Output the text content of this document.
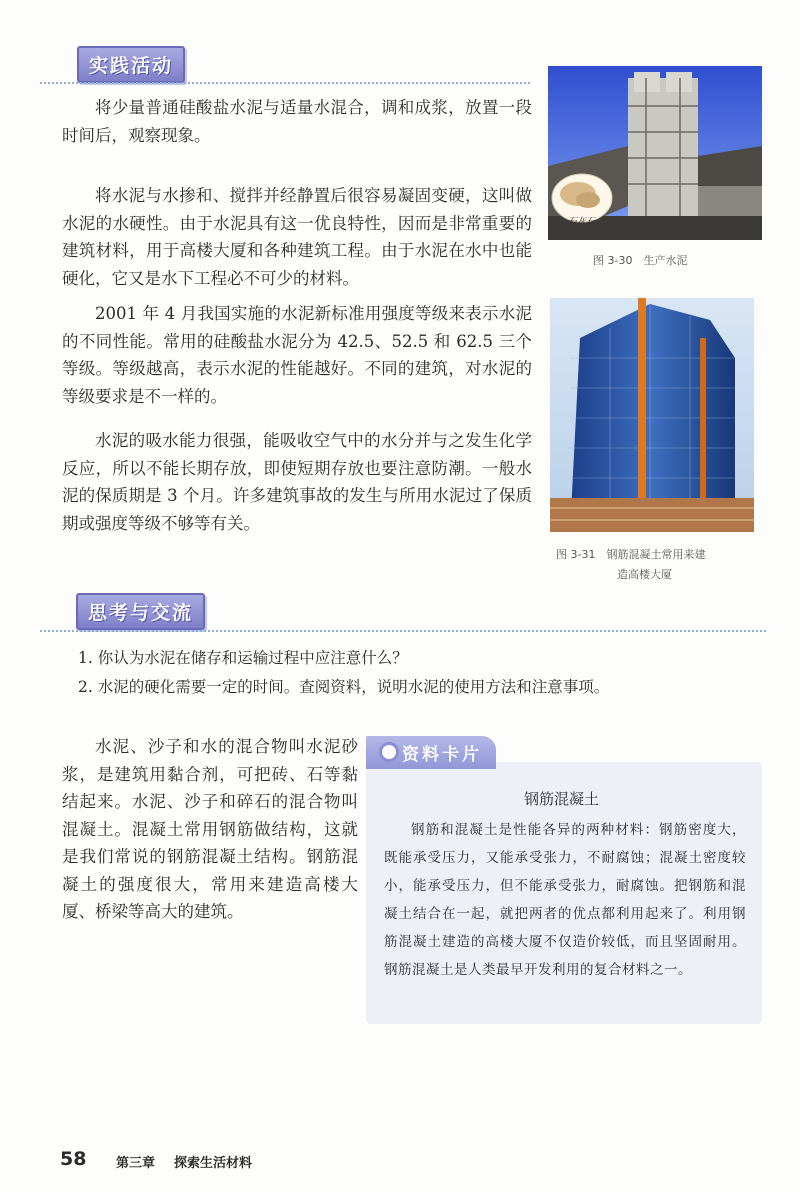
实践活动

将少量普通硅酸盐水泥与适量水混合，调和成浆，放置一段时间后，观察现象。

将水泥与水掺和、搅拌并经静置后很容易凝固变硬，这叫做水泥的水硬性。由于水泥具有这一优良特性，因而是非常重要的建筑材料，用于高楼大厦和各种建筑工程。由于水泥在水中也能硬化，它又是水下工程必不可少的材料。

2001 年 4 月我国实施的水泥新标准用强度等级来表示水泥的不同性能。常用的硅酸盐水泥分为 42.5、52.5 和 62.5 三个等级。等级越高，表示水泥的性能越好。不同的建筑，对水泥的等级要求是不一样的。

水泥的吸水能力很强，能吸收空气中的水分并与之发生化学反应，所以不能长期存放，即使短期存放也要注意防潮。一般水泥的保质期是 3 个月。许多建筑事故的发生与所用水泥过了保质期或强度等级不够等有关。

石灰石
图 3-30　生产水泥
图 3-31　钢筋混凝土常用来建
造高楼大厦
思考与交流
1. 你认为水泥在储存和运输过程中应注意什么？
2. 水泥的硬化需要一定的时间。查阅资料，说明水泥的使用方法和注意事项。

水泥、沙子和水的混合物叫水泥砂浆，是建筑用黏合剂，可把砖、石等黏结起来。水泥、沙子和碎石的混合物叫混凝土。混凝土常用钢筋做结构，这就是我们常说的钢筋混凝土结构。钢筋混凝土的强度很大，常用来建造高楼大厦、桥梁等高大的建筑。

资料卡片
钢筋混凝土

钢筋和混凝土是性能各异的两种材料：钢筋密度大，既能承受压力，又能承受张力，不耐腐蚀；混凝土密度较小，能承受压力，但不能承受张力，耐腐蚀。把钢筋和混凝土结合在一起，就把两者的优点都利用起来了。利用钢筋混凝土建造的高楼大厦不仅造价较低，而且坚固耐用。钢筋混凝土是人类最早开发利用的复合材料之一。

58 第三章 探索生活材料
